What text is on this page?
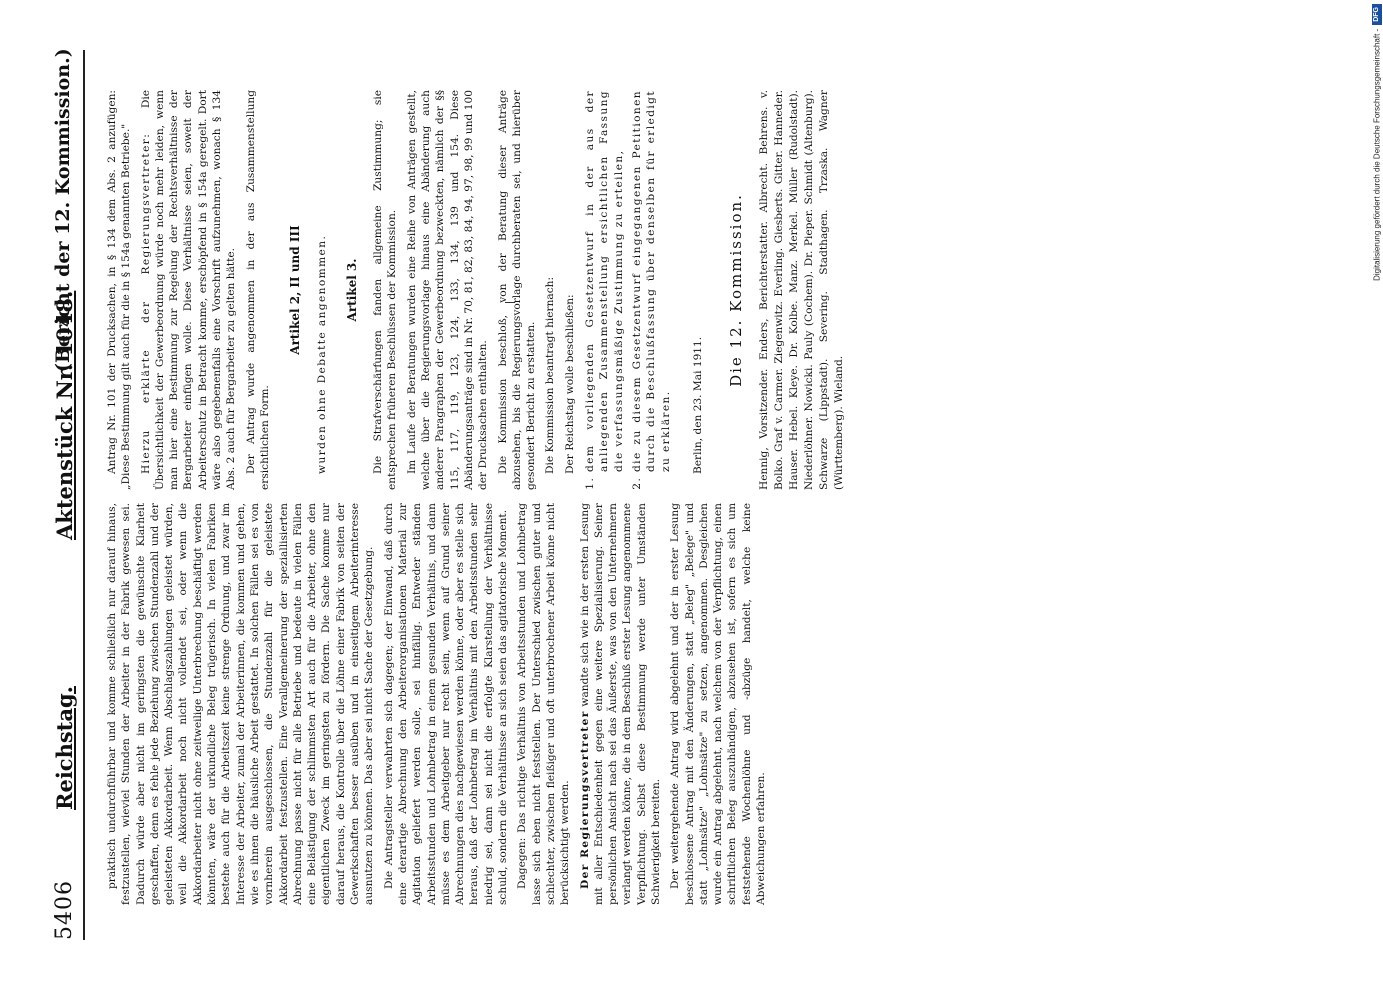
5406
Reichstag.
Aktenstück Nr. 1048.
(Bericht der 12. Kommission.)

praktisch undurchführbar und komme schließlich nur darauf hinaus, festzustellen, wieviel Stunden der Arbeiter in der Fabrik gewesen sei. Dadurch würde aber nicht im geringsten die gewünschte Klarheit geschaffen, denn es fehle jede Beziehung zwischen Stundenzahl und der geleisteten Akkordarbeit. Wenn Abschlagszahlungen geleistet würden, weil die Akkordarbeit noch nicht vollendet sei, oder wenn die Akkordarbeiter nicht ohne zeitweilige Unterbrechung beschäftigt werden könnten, wäre der urkundliche Beleg trügerisch. In vielen Fabriken bestehe auch für die Arbeitszeit keine strenge Ordnung, und zwar im Interesse der Arbeiter, zumal der Arbeiterinnen, die kommen und gehen, wie es ihnen die häusliche Arbeit gestattet. In solchen Fällen sei es von vornherein ausgeschlossen, die Stundenzahl für die geleistete Akkordarbeit festzustellen. Eine Verallgemeinerung der speziallisierten Abrechnung passe nicht für alle Betriebe und bedeute in vielen Fällen eine Belästigung der schlimmsten Art auch für die Arbeiter, ohne den eigentlichen Zweck im geringsten zu fördern. Die Sache komme nur darauf heraus, die Kontrolle über die Löhne einer Fabrik von seiten der Gewerkschaften besser ausüben und in einseitigem Arbeiterinteresse ausnutzen zu können. Das aber sei nicht Sache der Gesetzgebung. Die Antragsteller verwahrten sich dagegen; der Einwand, daß durch eine derartige Abrechnung den Arbeiterorganisationen Material zur Agitation geliefert werden solle, sei hinfällig. Entweder ständen Arbeitsstunden und Lohnbetrag in einem gesunden Verhältnis, und dann müsse es dem Arbeitgeber nur recht sein, wenn auf Grund seiner Abrechnungen dies nachgewiesen werden könne, oder aber es stelle sich heraus, daß der Lohnbetrag im Verhältnis mit den Arbeitsstunden sehr niedrig sei, dann sei nicht die erfolgte Klarstellung der Verhältnisse schuld, sondern die Verhältnisse an sich seien das agitatorische Moment. Dagegen: Das richtige Verhältnis von Arbeitsstunden und Lohnbetrag lasse sich eben nicht feststellen. Der Unterschied zwischen guter und schlechter, zwischen fleißiger und oft unterbrochener Arbeit könne nicht berücksichtigt werden. Der Regierungsvertreter wandte sich wie in der ersten Lesung mit aller Entschiedenheit gegen eine weitere Spezialisierung. Seiner persönlichen Ansicht nach sei das Äußerste, was von den Unternehmern verlangt werden könne, die in dem Beschluß erster Lesung angenommene Verpflichtung. Selbst diese Bestimmung werde unter Umständen Schwierigkeit bereiten. Der weitergehende Antrag wird abgelehnt und der in erster Lesung beschlossene Antrag mit den Änderungen, statt „Beleg" „Belege" und statt „Lohnsätze" „Lohnsätze" zu setzen, angenommen. Desgleichen wurde ein Antrag abgelehnt, nach welchem von der Verpflichtung, einen schriftlichen Beleg auszuhändigen, abzusehen ist, sofern es sich um feststehende Wochenlöhne und -abzüge handelt, welche keine Abweichungen erfahren.

Antrag Nr. 101 der Drucksachen, in § 134 dem Abs. 2 anzufügen: „Diese Bestimmung gilt auch für die in § 154a genannten Betriebe." Hierzu erklärte der Regierungsvertreter: Die Übersichtlichkeit der Gewerbeordnung würde noch mehr leiden, wenn man hier eine Bestimmung zur Regelung der Rechtsverhältnisse der Bergarbeiter einfügen wolle. Diese Verhältnisse seien, soweit der Arbeiterschutz in Betracht komme, erschöpfend in § 154a geregelt. Dort wäre also gegebenenfalls eine Vorschrift aufzunehmen, wonach § 134 Abs. 2 auch für Bergarbeiter zu gelten hätte. Der Antrag wurde angenommen in der aus Zusammenstellung ersichtlichen Form.

Artikel 2, II und III wurden ohne Debatte angenommen. Artikel 3. Die Strafverschärfungen fanden allgemeine Zustimmung; sie entsprechen früheren Beschlüssen der Kommission. Im Laufe der Beratungen wurden eine Reihe von Anträgen gestellt, welche über die Regierungsvorlage hinaus eine Abänderung auch anderer Paragraphen der Gewerbeordnung bezweckten, nämlich der §§ 115, 117, 119, 123, 124, 133, 134, 139 und 154. Diese Abänderungsanträge sind in Nr. 70, 81, 82, 83, 84, 94, 97, 98, 99 und 100 der Drucksachen enthalten. Die Kommission beschloß, von der Beratung dieser Anträge abzusehen, bis die Regierungsvorlage durchberaten sei, und hierüber gesondert Bericht zu erstatten. Die Kommission beantragt hiernach: Der Reichstag wolle beschließen: 1. dem vorliegenden Gesetzentwurf in der aus der anliegenden Zusammenstellung ersichtlichen Fassung die verfassungsmäßige Zustimmung zu erteilen, 2. die zu diesem Gesetzentwurf eingegangenen Petitionen durch die Beschlußfassung über denselben für erledigt zu erklären. Berlin, den 23. Mai 1911.

Die 12. Kommission. Hennig, Vorsitzender. Enders, Berichterstatter. Albrecht. Behrens. v. Bolko. Graf v. Carmer. Ziegenwitz. Everling. Giesberts. Gitter. Hanneder. Hauser. Hebel. Kleye. Dr. Kolbe. Manz. Merkel. Müller (Rudolstadt). Niederlöhner. Nowicki. Pauly (Cochem). Dr. Pieper. Schmidt (Altenburg). Schwarze (Lippstadt). Severing. Stadthagen. Trzaska. Wagner (Württemberg). Wieland.

Digitalisierung gefördert durch die Deutsche Forschungsgemeinschaft -DFG
